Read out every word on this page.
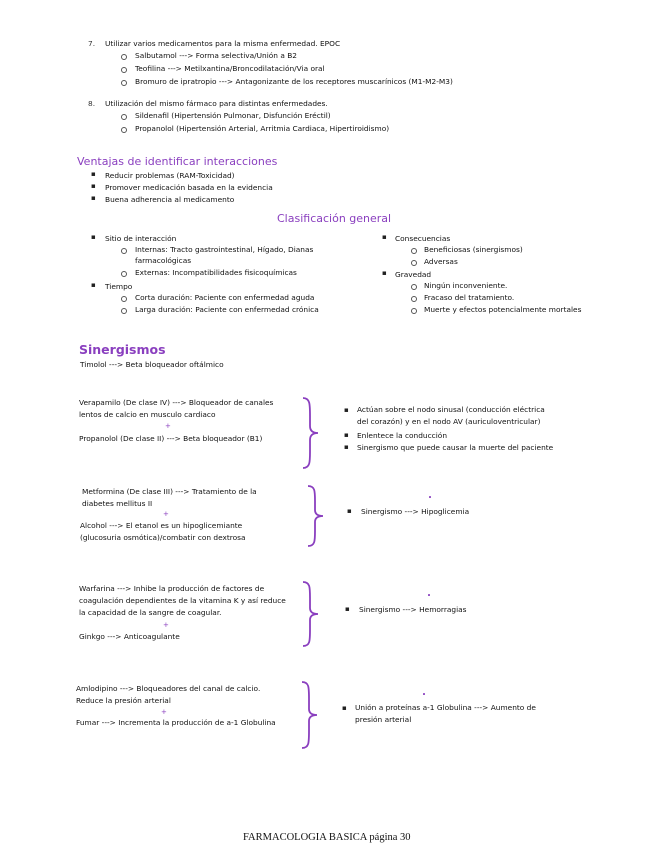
7. Utilizar varios medicamentos para la misma enfermedad. EPOC
Salbutamol ---> Forma selectiva/Unión a B2
Teofilina ---> Metilxantina/Broncodilatación/Via oral
Bromuro de ipratropio ---> Antagonizante de los receptores muscarínicos (M1-M2-M3)
8. Utilización del mismo fármaco para distintas enfermedades.
Sildenafil (Hipertensión Pulmonar, Disfunción Eréctil)
Propanolol (Hipertensión Arterial, Arritmia Cardiaca, Hipertiroidismo)
Ventajas de identificar interacciones
▪ Reducir problemas (RAM-Toxicidad)
▪ Promover medicación basada en la evidencia
▪ Buena adherencia al medicamento
Clasificación general
▪ Sitio de interacción
Internas: Tracto gastrointestinal, Hígado, Dianas
farmacológicas
Externas: Incompatibilidades fisicoquímicas
▪ Tiempo
Corta duración: Paciente con enfermedad aguda
Larga duración: Paciente con enfermedad crónica
▪ Consecuencias
Beneficiosas (sinergismos)
Adversas
▪ Gravedad
Ningún inconveniente.
Fracaso del tratamiento.
Muerte y efectos potencialmente mortales
Sinergismos
Timolol ---> Beta bloqueador oftálmico
Verapamilo (De clase IV) ---> Bloqueador de canales
lentos de calcio en musculo cardiaco
+
Propanolol (De clase II) ---> Beta bloqueador (B1)
▪ Actúan sobre el nodo sinusal (conducción eléctrica
del corazón) y en el nodo AV (auriculoventricular)
▪ Enlentece la conducción
▪ Sinergismo que puede causar la muerte del paciente
Metformina (De clase III) ---> Tratamiento de la
diabetes mellitus II
+
Alcohol ---> El etanol es un hipoglicemiante
(glucosuria osmótica)/combatir con dextrosa
▪ Sinergismo ---> Hipoglicemia
Warfarina ---> Inhibe la producción de factores de
coagulación dependientes de la vitamina K y así reduce
la capacidad de la sangre de coagular.
+
Ginkgo ---> Anticoagulante
▪ Sinergismo ---> Hemorragias
Amlodipino ---> Bloqueadores del canal de calcio.
Reduce la presión arterial
+
Fumar ---> Incrementa la producción de a-1 Globulina
▪ Unión a proteínas a-1 Globulina ---> Aumento de
presión arterial
FARMACOLOGIA BASICA página 30
